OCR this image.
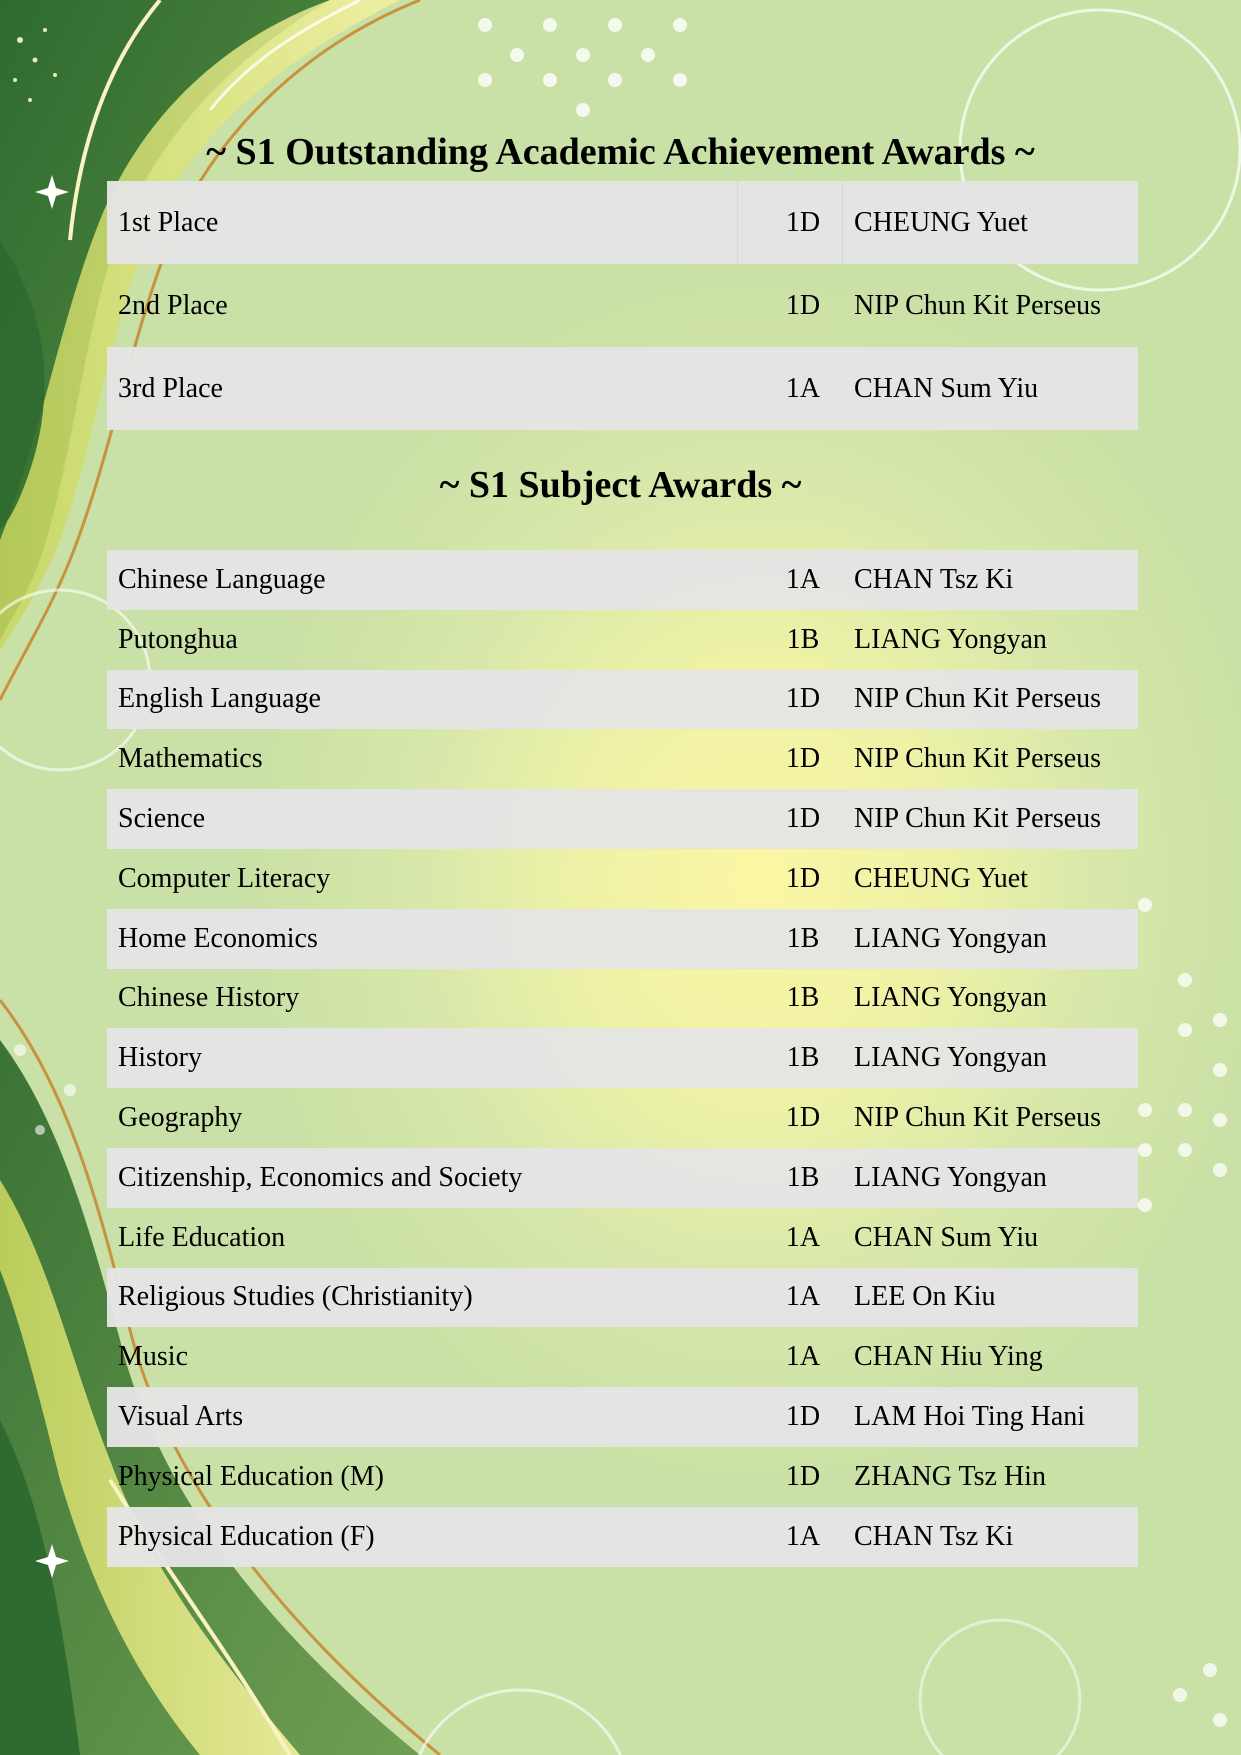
~ S1 Outstanding Academic Achievement Awards ~
1st Place	1D	CHEUNG Yuet
2nd Place	1D	NIP Chun Kit Perseus
3rd Place	1A	CHAN Sum Yiu
~ S1 Subject Awards ~
Chinese Language	1A	CHAN Tsz Ki
Putonghua	1B	LIANG Yongyan
English Language	1D	NIP Chun Kit Perseus
Mathematics	1D	NIP Chun Kit Perseus
Science	1D	NIP Chun Kit Perseus
Computer Literacy	1D	CHEUNG Yuet
Home Economics	1B	LIANG Yongyan
Chinese History	1B	LIANG Yongyan
History	1B	LIANG Yongyan
Geography	1D	NIP Chun Kit Perseus
Citizenship, Economics and Society	1B	LIANG Yongyan
Life Education	1A	CHAN Sum Yiu
Religious Studies (Christianity)	1A	LEE On Kiu
Music	1A	CHAN Hiu Ying
Visual Arts	1D	LAM Hoi Ting Hani
Physical Education (M)	1D	ZHANG Tsz Hin
Physical Education (F)	1A	CHAN Tsz Ki
